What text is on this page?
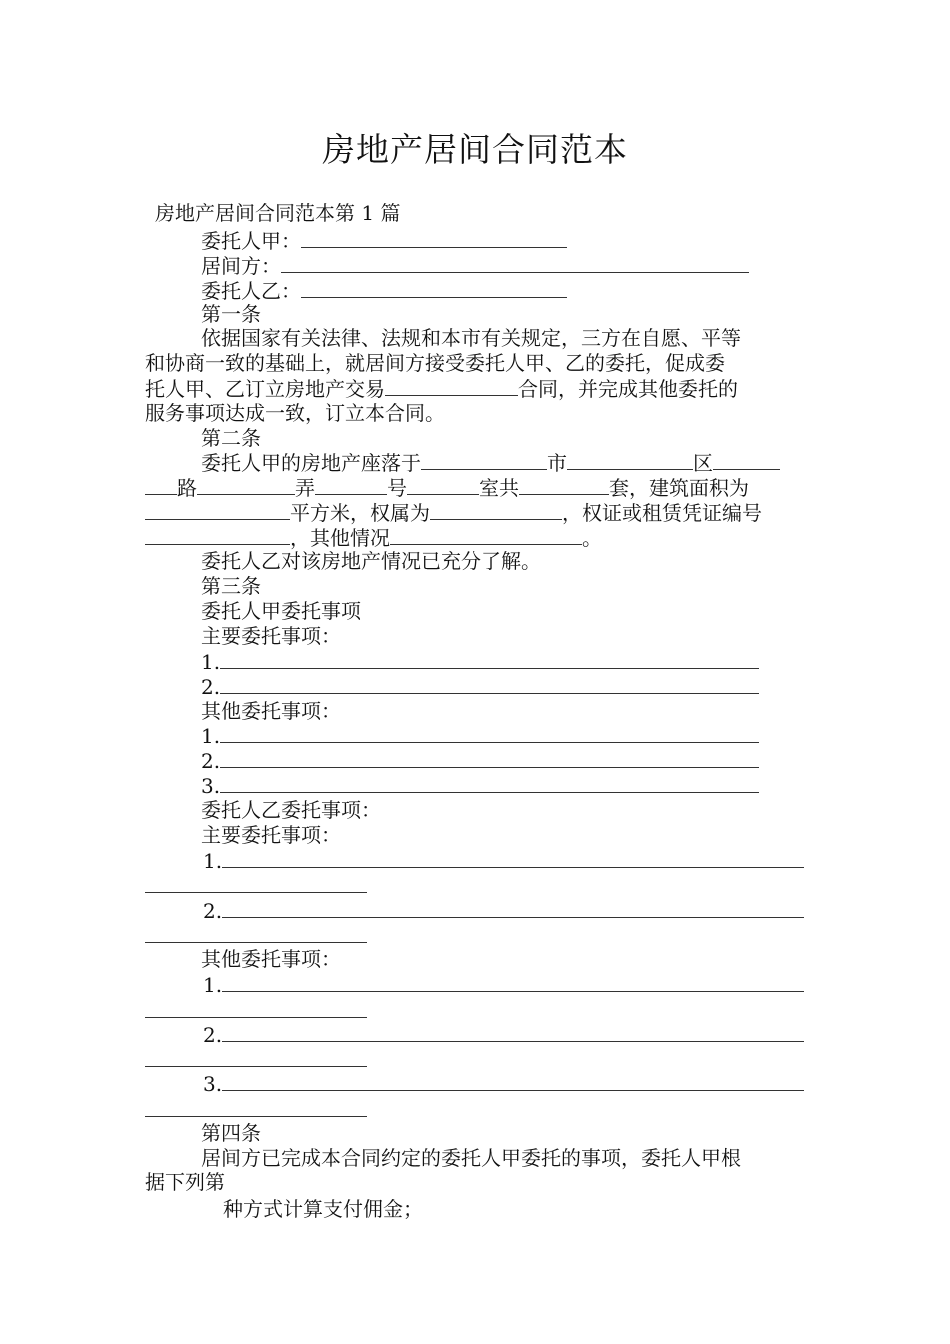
房地产居间合同范本
房地产居间合同范本第 1 篇
委托人甲：
居间方：
委托人乙：
第一条
依据国家有关法律、法规和本市有关规定，三方在自愿、平等
和协商一致的基础上，就居间方接受委托人甲、乙的委托，促成委
托人甲、乙订立房地产交易	合同，并完成其他委托的
服务事项达成一致，订立本合同。
第二条
委托人甲的房地产座落于	市	区
路	弄	号	室共	套，建筑面积为
平方米，权属为	，权证或租赁凭证编号
，其他情况	。
委托人乙对该房地产情况已充分了解。
第三条
委托人甲委托事项
主要委托事项：
1.
2.
其他委托事项：
1.
2.
3.
委托人乙委托事项：
主要委托事项：
1.
2.
其他委托事项：
1.
2.
3.
第四条
居间方已完成本合同约定的委托人甲委托的事项，委托人甲根
据下列第
种方式计算支付佣金；
